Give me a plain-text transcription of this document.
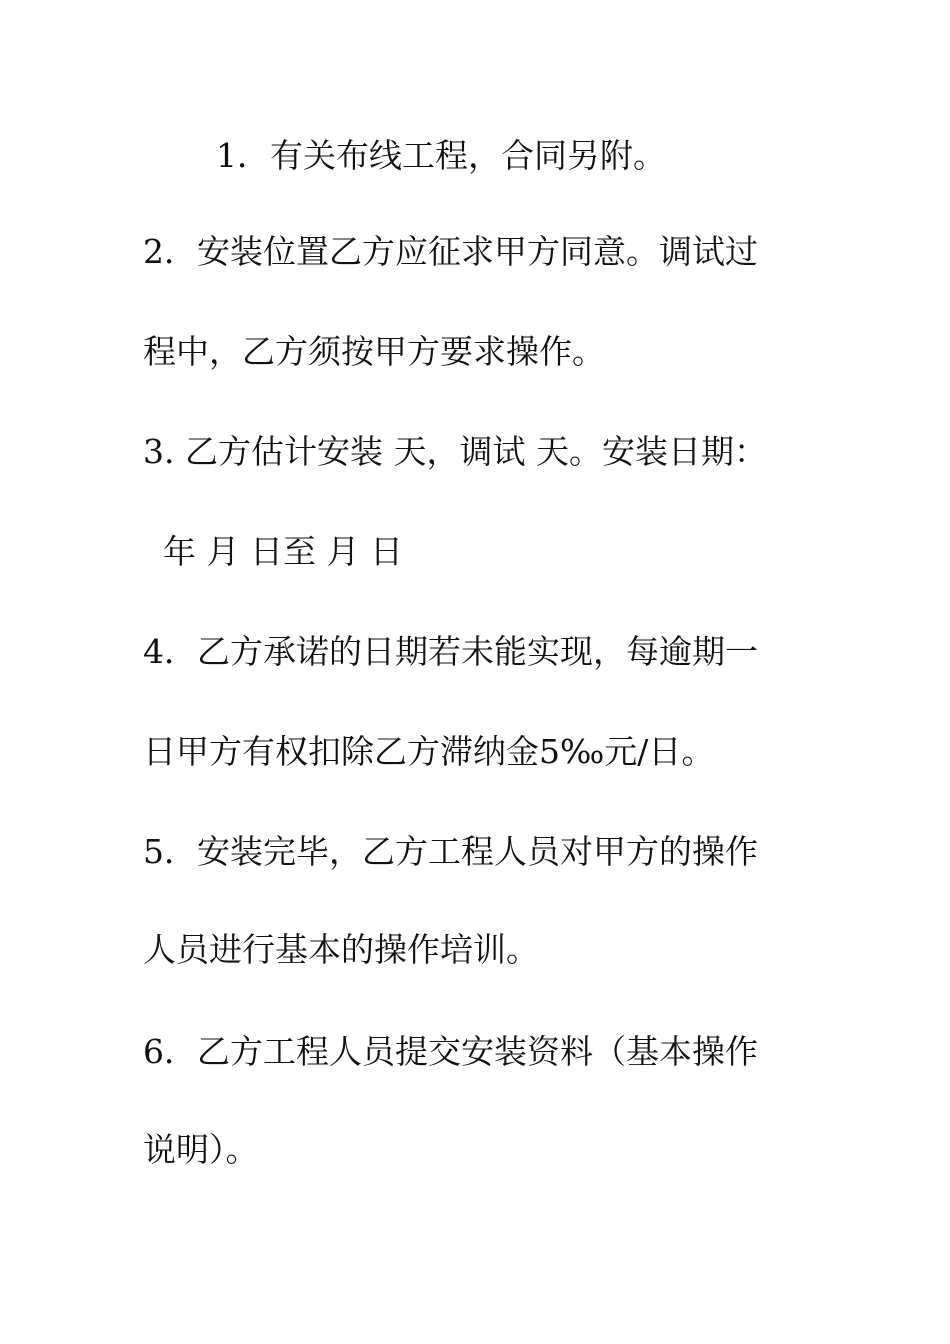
1．有关布线工程，合同另附。

2．安装位置乙方应征求甲方同意。调试过

程中，乙方须按甲方要求操作。

3. 乙方估计安装 天，调试 天。安装日期：

年 月 日至 月 日

4．乙方承诺的日期若未能实现，每逾期一

日甲方有权扣除乙方滞纳金5‰元/日。

5．安装完毕，乙方工程人员对甲方的操作

人员进行基本的操作培训。

6．乙方工程人员提交安装资料（基本操作

说明）。
